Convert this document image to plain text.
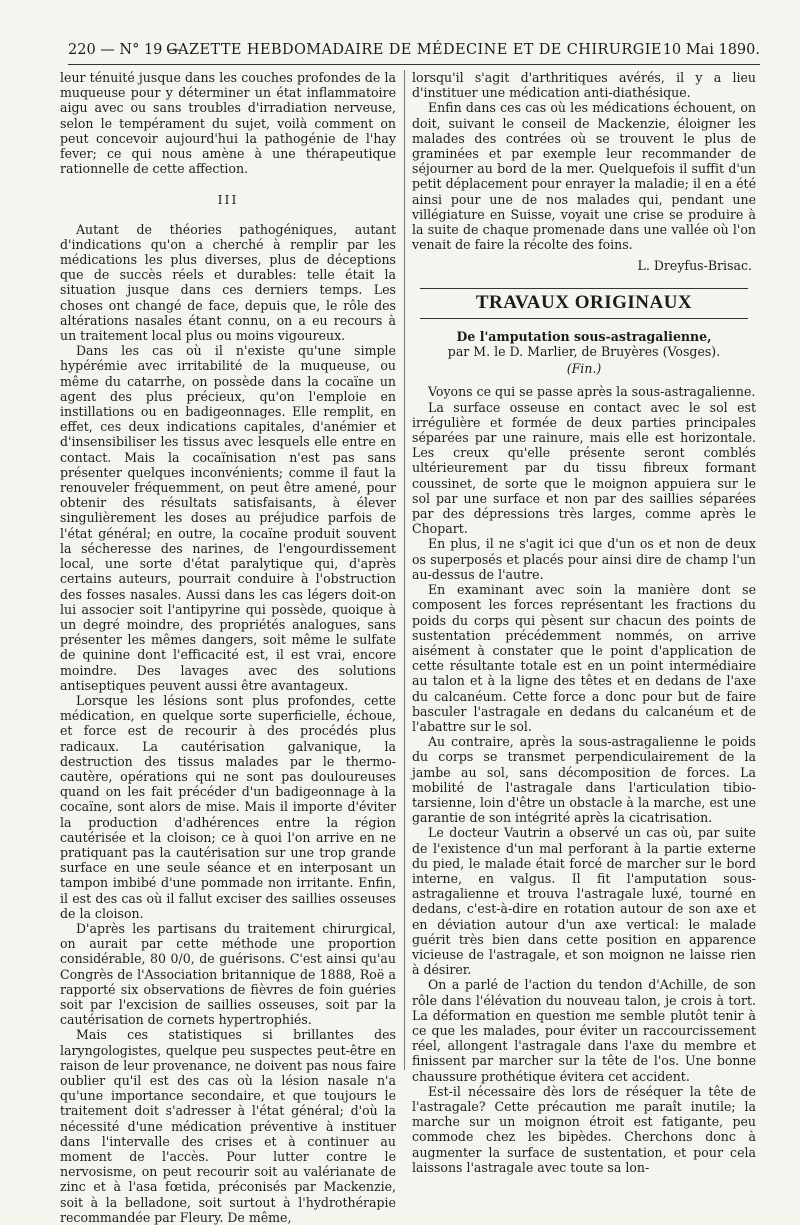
220 — N° 19 —
GAZETTE HEBDOMADAIRE DE MÉDECINE ET DE CHIRURGIE 10 Mai 1890.

leur ténuité jusque dans les couches profondes de la muqueuse pour y déterminer un état inflammatoire aigu avec ou sans troubles d'irradiation nerveuse, selon le tempérament du sujet, voilà comment on peut concevoir aujourd'hui la pathogénie de l'hay fever; ce qui nous amène à une thérapeutique rationnelle de cette affection.

III

Autant de théories pathogéniques, autant d'indications qu'on a cherché à remplir par les médications les plus diverses, plus de déceptions que de succès réels et durables: telle était la situation jusque dans ces derniers temps. Les choses ont changé de face, depuis que, le rôle des altérations nasales étant connu, on a eu recours à un traitement local plus ou moins vigoureux.

Dans les cas où il n'existe qu'une simple hypérémie avec irritabilité de la muqueuse, ou même du catarrhe, on possède dans la cocaïne un agent des plus précieux, qu'on l'emploie en instillations ou en badigeonnages. Elle remplit, en effet, ces deux indications capitales, d'anémier et d'insensibiliser les tissus avec lesquels elle entre en contact. Mais la cocaïnisation n'est pas sans présenter quelques inconvénients; comme il faut la renouveler fréquemment, on peut être amené, pour obtenir des résultats satisfaisants, à élever singulièrement les doses au préjudice parfois de l'état général; en outre, la cocaïne produit souvent la sécheresse des narines, de l'engourdissement local, une sorte d'état paralytique qui, d'après certains auteurs, pourrait conduire à l'obstruction des fosses nasales. Aussi dans les cas légers doit-on lui associer soit l'antipyrine qui possède, quoique à un degré moindre, des propriétés analogues, sans présenter les mêmes dangers, soit même le sulfate de quinine dont l'efficacité est, il est vrai, encore moindre. Des lavages avec des solutions antiseptiques peuvent aussi être avantageux.

Lorsque les lésions sont plus profondes, cette médication, en quelque sorte superficielle, échoue, et force est de recourir à des procédés plus radicaux. La cautérisation galvanique, la destruction des tissus malades par le thermo-cautère, opérations qui ne sont pas douloureuses quand on les fait précéder d'un badigeonnage à la cocaïne, sont alors de mise. Mais il importe d'éviter la production d'adhérences entre la région cautérisée et la cloison; ce à quoi l'on arrive en ne pratiquant pas la cautérisation sur une trop grande surface en une seule séance et en interposant un tampon imbibé d'une pommade non irritante. Enfin, il est des cas où il fallut exciser des saillies osseuses de la cloison.

D'après les partisans du traitement chirurgical, on aurait par cette méthode une proportion considérable, 80 0/0, de guérisons. C'est ainsi qu'au Congrès de l'Association britannique de 1888, Roë a rapporté six observations de fièvres de foin guéries soit par l'excision de saillies osseuses, soit par la cautérisation de cornets hypertrophiés.

Mais ces statistiques si brillantes des laryngologistes, quelque peu suspectes peut-être en raison de leur provenance, ne doivent pas nous faire oublier qu'il est des cas où la lésion nasale n'a qu'une importance secondaire, et que toujours le traitement doit s'adresser à l'état général; d'où la nécessité d'une médication préventive à instituer dans l'intervalle des crises et à continuer au moment de l'accès. Pour lutter contre le nervosisme, on peut recourir soit au valérianate de zinc et à l'asa fœtida, préconisés par Mackenzie, soit à la belladone, soit surtout à l'hydrothérapie recommandée par Fleury. De même,

lorsqu'il s'agit d'arthritiques avérés, il y a lieu d'instituer une médication anti-diathésique.

Enfin dans ces cas où les médications échouent, on doit, suivant le conseil de Mackenzie, éloigner les malades des contrées où se trouvent le plus de graminées et par exemple leur recommander de séjourner au bord de la mer. Quelquefois il suffit d'un petit déplacement pour enrayer la maladie; il en a été ainsi pour une de nos malades qui, pendant une villégiature en Suisse, voyait une crise se produire à la suite de chaque promenade dans une vallée où l'on venait de faire la récolte des foins.

L. Dreyfus-Brisac.
TRAVAUX ORIGINAUX

De l'amputation sous-astragalienne,

par M. le D. Marlier, de Bruyères (Vosges).

(Fin.)

Voyons ce qui se passe après la sous-astragalienne.

La surface osseuse en contact avec le sol est irrégulière et formée de deux parties principales séparées par une rainure, mais elle est horizontale. Les creux qu'elle présente seront comblés ultérieurement par du tissu fibreux formant coussinet, de sorte que le moignon appuiera sur le sol par une surface et non par des saillies séparées par des dépressions très larges, comme après le Chopart.

En plus, il ne s'agit ici que d'un os et non de deux os superposés et placés pour ainsi dire de champ l'un au-dessus de l'autre.

En examinant avec soin la manière dont se composent les forces représentant les fractions du poids du corps qui pèsent sur chacun des points de sustentation précédemment nommés, on arrive aisément à constater que le point d'application de cette résultante totale est en un point intermédiaire au talon et à la ligne des têtes et en dedans de l'axe du calcanéum. Cette force a donc pour but de faire basculer l'astragale en dedans du calcanéum et de l'abattre sur le sol.

Au contraire, après la sous-astragalienne le poids du corps se transmet perpendiculairement de la jambe au sol, sans décomposition de forces. La mobilité de l'astragale dans l'articulation tibio-tarsienne, loin d'être un obstacle à la marche, est une garantie de son intégrité après la cicatrisation.

Le docteur Vautrin a observé un cas où, par suite de l'existence d'un mal perforant à la partie externe du pied, le malade était forcé de marcher sur le bord interne, en valgus. Il fit l'amputation sous-astragalienne et trouva l'astragale luxé, tourné en dedans, c'est-à-dire en rotation autour de son axe et en déviation autour d'un axe vertical: le malade guérit très bien dans cette position en apparence vicieuse de l'astragale, et son moignon ne laisse rien à désirer.

On a parlé de l'action du tendon d'Achille, de son rôle dans l'élévation du nouveau talon, je crois à tort. La déformation en question me semble plutôt tenir à ce que les malades, pour éviter un raccourcissement réel, allongent l'astragale dans l'axe du membre et finissent par marcher sur la tête de l'os. Une bonne chaussure prothétique évitera cet accident.

Est-il nécessaire dès lors de réséquer la tête de l'astragale? Cette précaution me paraît inutile; la marche sur un moignon étroit est fatigante, peu commode chez les bipèdes. Cherchons donc à augmenter la surface de sustentation, et pour cela laissons l'astragale avec toute sa lon-
